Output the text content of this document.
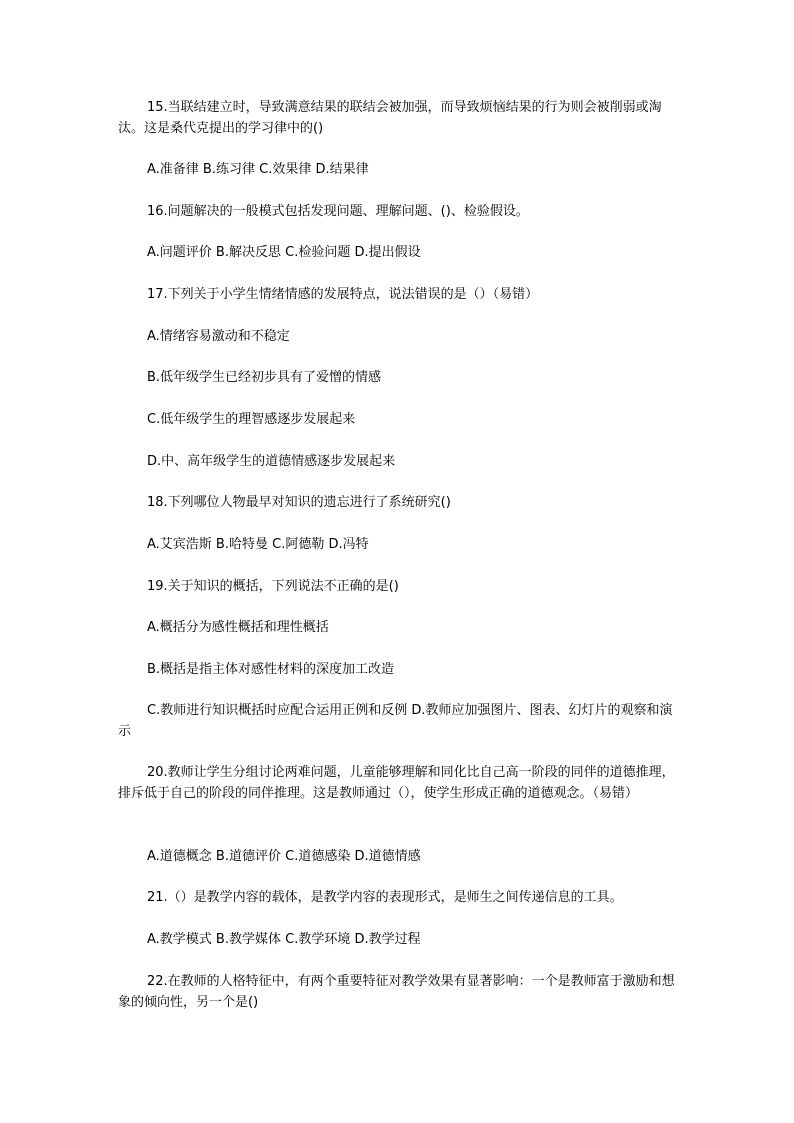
15.当联结建立时，导致满意结果的联结会被加强，而导致烦恼结果的行为则会被削弱或淘汰。这是桑代克提出的学习律中的()

A.准备律 B.练习律 C.效果律 D.结果律

16.问题解决的一般模式包括发现问题、理解问题、()、检验假设。

A.问题评价 B.解决反思 C.检验问题 D.提出假设

17.下列关于小学生情绪情感的发展特点，说法错误的是（）（易错）

A.情绪容易激动和不稳定

B.低年级学生已经初步具有了爱憎的情感

C.低年级学生的理智感逐步发展起来

D.中、高年级学生的道德情感逐步发展起来

18.下列哪位人物最早对知识的遗忘进行了系统研究()

A.艾宾浩斯 B.哈特曼 C.阿德勒 D.冯特

19.关于知识的概括，下列说法不正确的是()

A.概括分为感性概括和理性概括

B.概括是指主体对感性材料的深度加工改造

C.教师进行知识概括时应配合运用正例和反例 D.教师应加强图片、图表、幻灯片的观察和演示

20.教师让学生分组讨论两难问题，儿童能够理解和同化比自己高一阶段的同伴的道德推理，排斥低于自己的阶段的同伴推理。这是教师通过（），使学生形成正确的道德观念。（易错）

A.道德概念 B.道德评价 C.道德感染 D.道德情感

21.（）是教学内容的载体，是教学内容的表现形式，是师生之间传递信息的工具。

A.教学模式 B.教学媒体 C.教学环境 D.教学过程

22.在教师的人格特征中，有两个重要特征对教学效果有显著影响：一个是教师富于激励和想象的倾向性，另一个是()
